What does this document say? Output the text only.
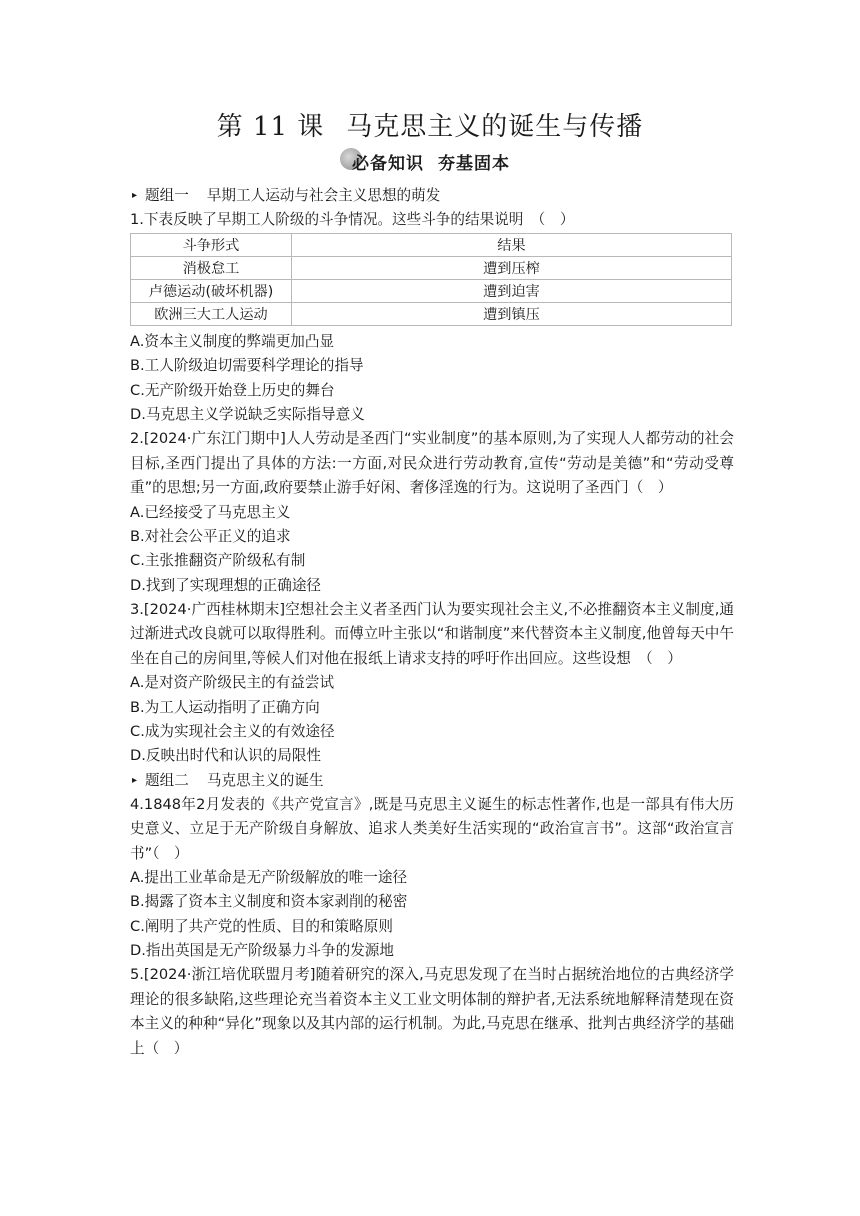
第 11 课 马克思主义的诞生与传播
必备知识 夯基固本
▸ 题组一 早期工人运动与社会主义思想的萌发
1.下表反映了早期工人阶级的斗争情况。这些斗争的结果说明　（　）
斗争形式	结果
消极怠工	遭到压榨
卢德运动(破坏机器)	遭到迫害
欧洲三大工人运动	遭到镇压
A.资本主义制度的弊端更加凸显
B.工人阶级迫切需要科学理论的指导
C.无产阶级开始登上历史的舞台
D.马克思主义学说缺乏实际指导意义
2.[2024·广东江门期中]人人劳动是圣西门“实业制度”的基本原则,为了实现人人都劳动的社会目标,圣西门提出了具体的方法:一方面,对民众进行劳动教育,宣传“劳动是美德”和“劳动受尊重”的思想;另一方面,政府要禁止游手好闲、奢侈淫逸的行为。这说明了圣西门（　）
A.已经接受了马克思主义
B.对社会公平正义的追求
C.主张推翻资产阶级私有制
D.找到了实现理想的正确途径
3.[2024·广西桂林期末]空想社会主义者圣西门认为要实现社会主义,不必推翻资本主义制度,通过渐进式改良就可以取得胜利。而傅立叶主张以“和谐制度”来代替资本主义制度,他曾每天中午坐在自己的房间里,等候人们对他在报纸上请求支持的呼吁作出回应。这些设想　（　）
A.是对资产阶级民主的有益尝试
B.为工人运动指明了正确方向
C.成为实现社会主义的有效途径
D.反映出时代和认识的局限性
▸ 题组二 马克思主义的诞生
4.1848年2月发表的《共产党宣言》,既是马克思主义诞生的标志性著作,也是一部具有伟大历史意义、立足于无产阶级自身解放、追求人类美好生活实现的“政治宣言书”。这部“政治宣言书”（　）
A.提出工业革命是无产阶级解放的唯一途径
B.揭露了资本主义制度和资本家剥削的秘密
C.阐明了共产党的性质、目的和策略原则
D.指出英国是无产阶级暴力斗争的发源地
5.[2024·浙江培优联盟月考]随着研究的深入,马克思发现了在当时占据统治地位的古典经济学理论的很多缺陷,这些理论充当着资本主义工业文明体制的辩护者,无法系统地解释清楚现在资本主义的种种“异化”现象以及其内部的运行机制。为此,马克思在继承、批判古典经济学的基础上（　）
